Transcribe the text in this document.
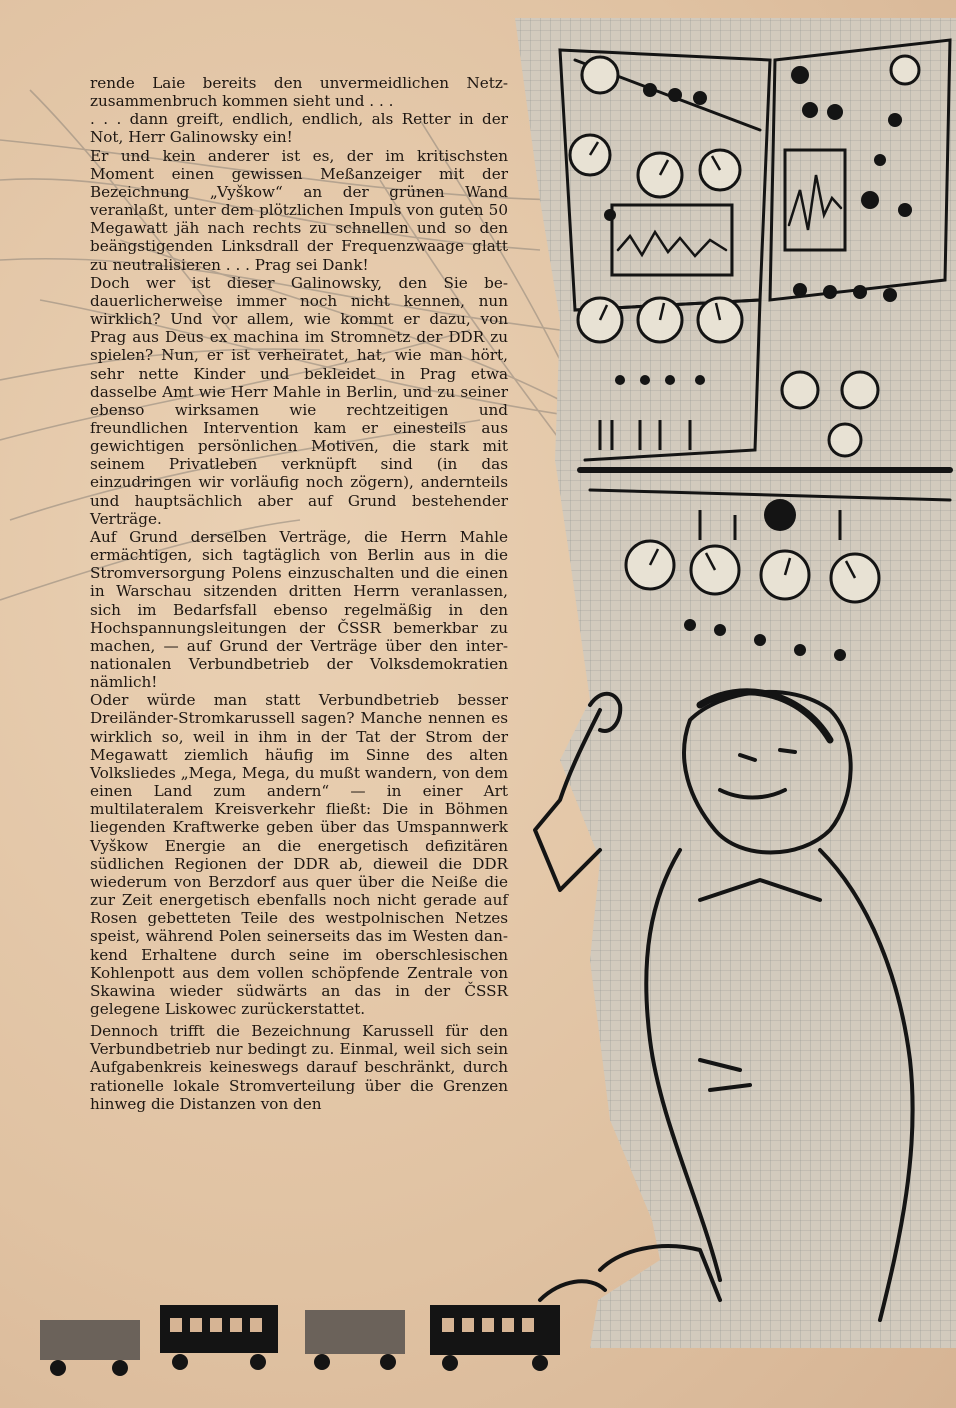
rende Laie bereits den unvermeidlichen Netzzusammenbruch kommen sieht und . . .

. . . dann greift, endlich, endlich, als Retter in der Not, Herr Galinowsky ein!

Er und kein anderer ist es, der im kritischsten Moment einen gewissen Meßanzeiger mit der Bezeichnung „Vyškow“ an der grünen Wand veranlaßt, unter dem plötzlichen Impuls von guten 50 Megawatt jäh nach rechts zu schnellen und so den beängstigenden Linksdrall der Frequenzwaage glatt zu neutralisieren . . . Prag sei Dank!

Doch wer ist dieser Galinowsky, den Sie bedauerlicherweise immer noch nicht kennen, nun wirklich? Und vor allem, wie kommt er dazu, von Prag aus Deus ex machina im Stromnetz der DDR zu spielen? Nun, er ist verheiratet, hat, wie man hört, sehr nette Kinder und bekleidet in Prag etwa dasselbe Amt wie Herr Mahle in Berlin, und zu seiner ebenso wirksamen wie rechtzeitigen und freundlichen Intervention kam er einesteils aus gewichtigen persönlichen Motiven, die stark mit seinem Privatleben verknüpft sind (in das einzudringen wir vorläufig noch zögern), andernteils und hauptsächlich aber auf Grund bestehender Verträge.

Auf Grund derselben Verträge, die Herrn Mahle ermächtigen, sich tagtäglich von Berlin aus in die Stromversorgung Polens einzuschalten und die einen in Warschau sitzenden dritten Herrn veranlassen, sich im Bedarfsfall ebenso regelmäßig in den Hochspannungsleitungen der ČSSR bemerkbar zu machen, — auf Grund der Verträge über den internationalen Verbundbetrieb der Volksdemokratien nämlich!

Oder würde man statt Verbundbetrieb besser Dreiländer-Stromkarussell sagen? Manche nennen es wirklich so, weil in ihm in der Tat der Strom der Megawatt ziemlich häufig im Sinne des alten Volksliedes „Mega, Mega, du mußt wandern, von dem einen Land zum andern“ — in einer Art multilateralem Kreisverkehr fließt: Die in Böhmen liegenden Kraftwerke geben über das Umspannwerk Vyškow Energie an die energetisch defizitären südlichen Regionen der DDR ab, dieweil die DDR wiederum von Berzdorf aus quer über die Neiße die zur Zeit energetisch ebenfalls noch nicht gerade auf Rosen gebetteten Teile des westpolnischen Netzes speist, während Polen seinerseits das im Westen dankend Erhaltene durch seine im oberschlesischen Kohlenpott aus dem vollen schöpfende Zentrale von Skawina wieder südwärts an das in der ČSSR gelegene Liskowec zurückerstattet.

Dennoch trifft die Bezeichnung Karussell für den Verbundbetrieb nur bedingt zu. Einmal, weil sich sein Aufgabenkreis keineswegs darauf beschränkt, durch rationelle lokale Stromverteilung über die Grenzen hinweg die Distanzen von den
